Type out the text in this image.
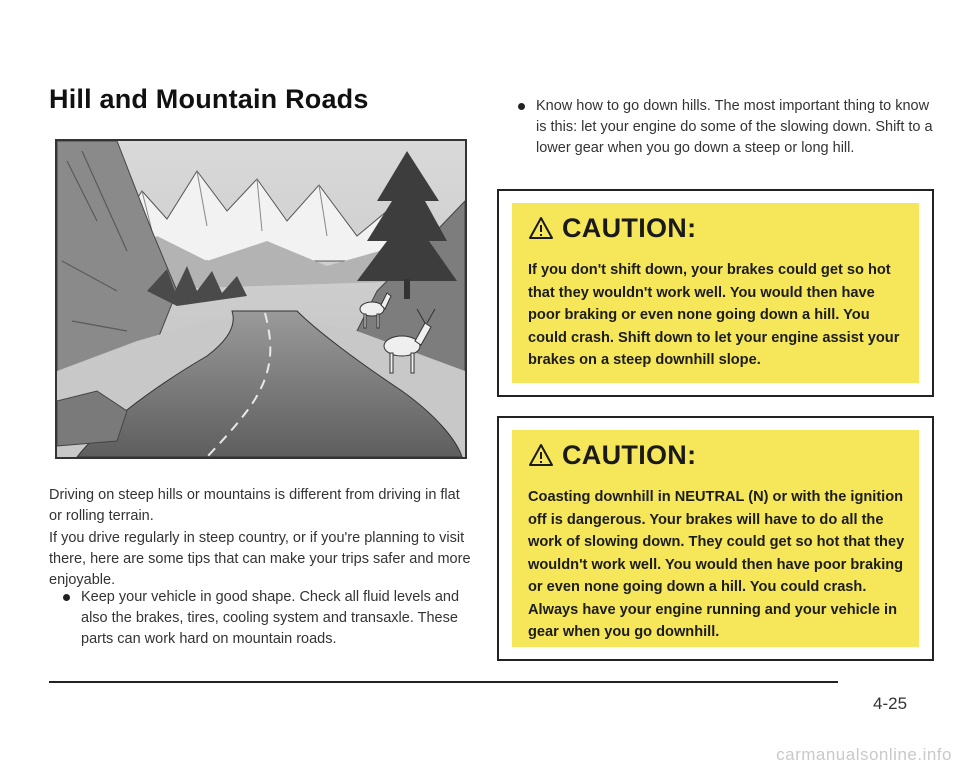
Hill and Mountain Roads

Driving on steep hills or mountains is different from driving in flat or rolling terrain.

If you drive regularly in steep country, or if you're planning to visit there, here are some tips that can make your trips safer and more enjoyable.

Keep your vehicle in good shape. Check all fluid levels and also the brakes, tires, cooling system and transaxle. These parts can work hard on mountain roads.
Know how to go down hills. The most important thing to know is this: let your engine do some of the slowing down. Shift to a lower gear when you go down a steep or long hill.
CAUTION:

If you don't shift down, your brakes could get so hot that they wouldn't work well. You would then have poor braking or even none going down a hill. You could crash. Shift down to let your engine assist your brakes on a steep downhill slope.

CAUTION:

Coasting downhill in NEUTRAL (N) or with the ignition off is dangerous. Your brakes will have to do all the work of slowing down. They could get so hot that they wouldn't work well. You would then have poor braking or even none going down a hill. You could crash. Always have your engine running and your vehicle in gear when you go downhill.

4-25
carmanualsonline.info
